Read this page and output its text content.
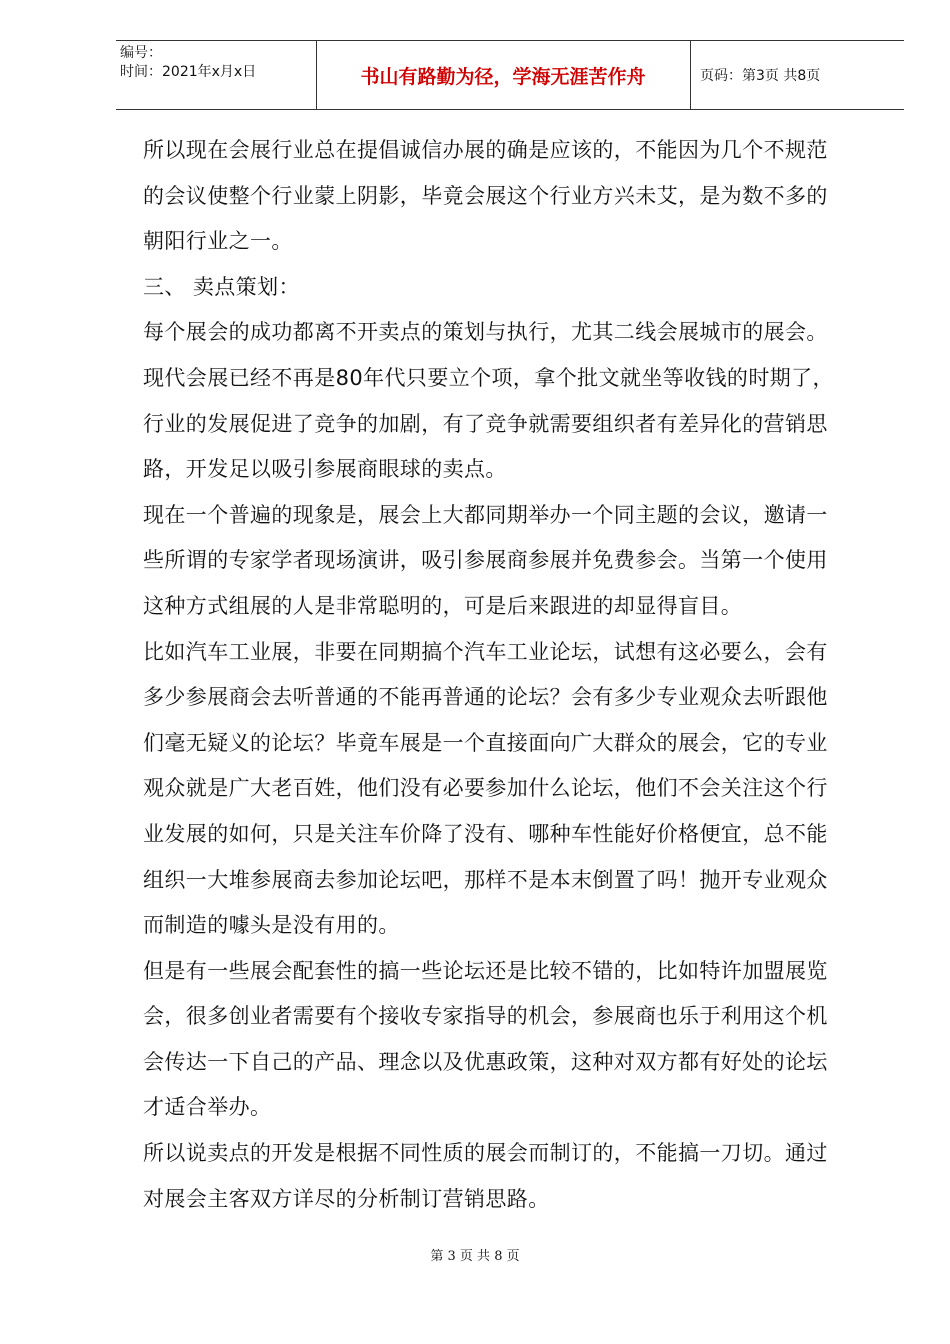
编号：
时间：2021年x月x日	书山有路勤为径，学海无涯苦作舟	页码：第3页 共8页
所以现在会展行业总在提倡诚信办展的确是应该的，不能因为几个不规范
的会议使整个行业蒙上阴影，毕竟会展这个行业方兴未艾，是为数不多的
朝阳行业之一。
三、 卖点策划：
每个展会的成功都离不开卖点的策划与执行，尤其二线会展城市的展会。
现代会展已经不再是80年代只要立个项，拿个批文就坐等收钱的时期了，
行业的发展促进了竞争的加剧，有了竞争就需要组织者有差异化的营销思
路，开发足以吸引参展商眼球的卖点。
现在一个普遍的现象是，展会上大都同期举办一个同主题的会议，邀请一
些所谓的专家学者现场演讲，吸引参展商参展并免费参会。当第一个使用
这种方式组展的人是非常聪明的，可是后来跟进的却显得盲目。
比如汽车工业展，非要在同期搞个汽车工业论坛，试想有这必要么，会有
多少参展商会去听普通的不能再普通的论坛？会有多少专业观众去听跟他
们毫无疑义的论坛？毕竟车展是一个直接面向广大群众的展会，它的专业
观众就是广大老百姓，他们没有必要参加什么论坛，他们不会关注这个行
业发展的如何，只是关注车价降了没有、哪种车性能好价格便宜，总不能
组织一大堆参展商去参加论坛吧，那样不是本末倒置了吗！抛开专业观众
而制造的噱头是没有用的。
但是有一些展会配套性的搞一些论坛还是比较不错的，比如特许加盟展览
会，很多创业者需要有个接收专家指导的机会，参展商也乐于利用这个机
会传达一下自己的产品、理念以及优惠政策，这种对双方都有好处的论坛
才适合举办。
所以说卖点的开发是根据不同性质的展会而制订的，不能搞一刀切。通过
对展会主客双方详尽的分析制订营销思路。
第 3 页 共 8 页
